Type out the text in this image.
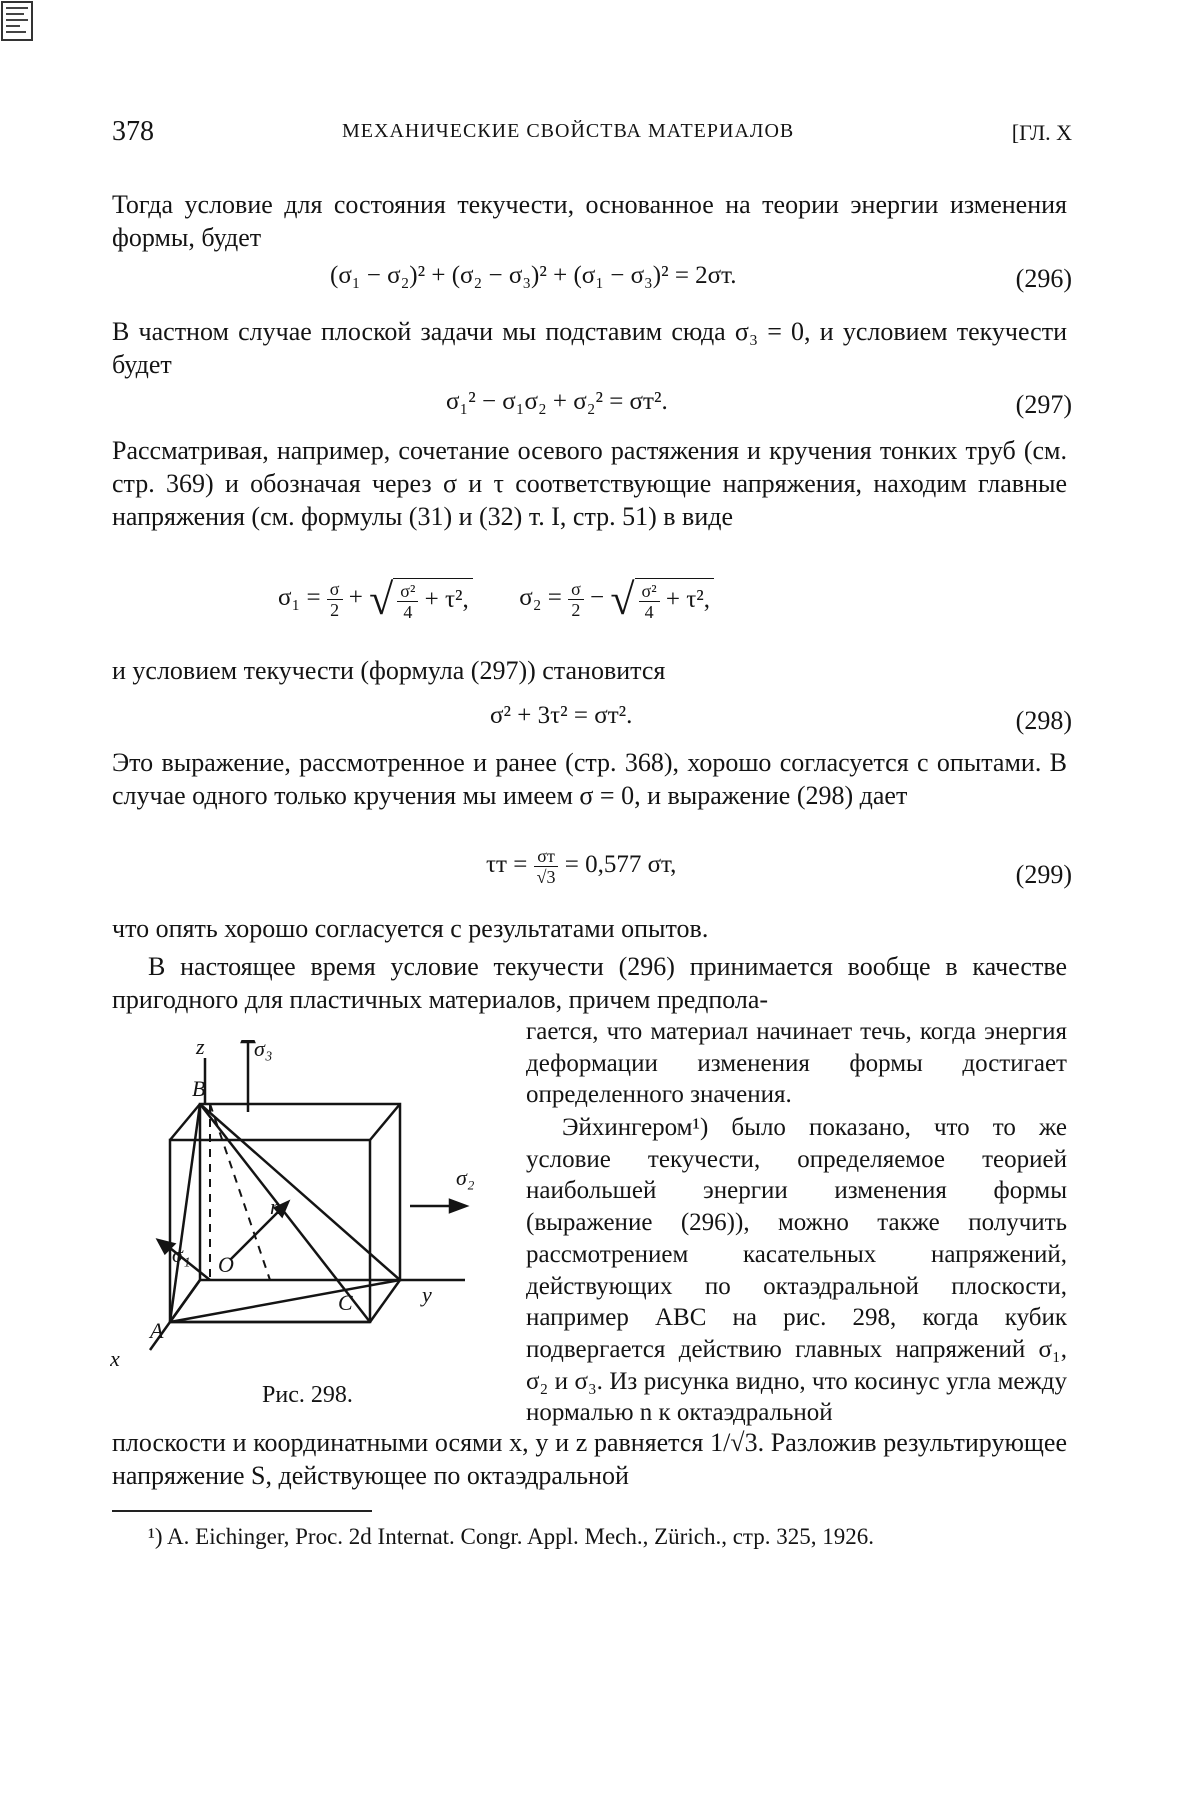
378	МЕХАНИЧЕСКИЕ СВОЙСТВА МАТЕРИАЛОВ	[ГЛ. X

Тогда условие для состояния текучести, основанное на теории энергии изменения формы, будет

(σ₁ − σ₂)² + (σ₂ − σ₃)² + (σ₁ − σ₃)² = 2σт.	(296)

В частном случае плоской задачи мы подставим сюда σ₃ = 0, и условием текучести будет

σ₁² − σ₁σ₂ + σ₂² = σт².	(297)

Рассматривая, например, сочетание осевого растяжения и кручения тонких труб (см. стр. 369) и обозначая через σ и τ соответствующие напряжения, находим главные напряжения (см. формулы (31) и (32) т. I, стр. 51) в виде

$\sigma_1 = \frac{\sigma}{2}$ + √ $\frac{\text{σ²}}{4} + \tau^2$, $\sigma_2 = \frac{\sigma}{2}$ − √ $\frac{\text{σ²}}{4} + \tau^2$,

и условием текучести (формула (297)) становится

σ² + 3τ² = σт².	(298)

Это выражение, рассмотренное и ранее (стр. 368), хорошо согласуется с опытами. В случае одного только кручения мы имеем σ = 0, и выражение (298) дает

$\tau т = \frac{\sigma т}{√3} = 0,577$ σт,	(299)

что опять хорошо согласуется с результатами опытов.

В настоящее время условие текучести (296) принимается вообще в качестве пригодного для пластичных материалов, причем предпола-

гается, что материал начинает течь, когда энергия деформации изменения формы достигает определенного значения.

Эйхингером¹) было показано, что то же условие текучести, определяемое теорией наибольшей энергии изменения формы (выражение (296)), можно также получить рассмотрением касательных напряжений, действующих по октаэдральной плоскости, например ABC на рис. 298, когда кубик подвергается действию главных напряжений σ₁, σ₂ и σ₃. Из рисунка видно, что косинус угла между нормалью n к октаэдральной

z σ₃
B
σ₂
n
O
σ₁
C	y
A
x
Рис. 298.

плоскости и координатными осями x, y и z равняется 1/√3. Разложив результирующее напряжение S, действующее по октаэдральной

¹) A. Eichinger, Proc. 2d Internat. Congr. Appl. Mech., Zürich., стр. 325, 1926.
